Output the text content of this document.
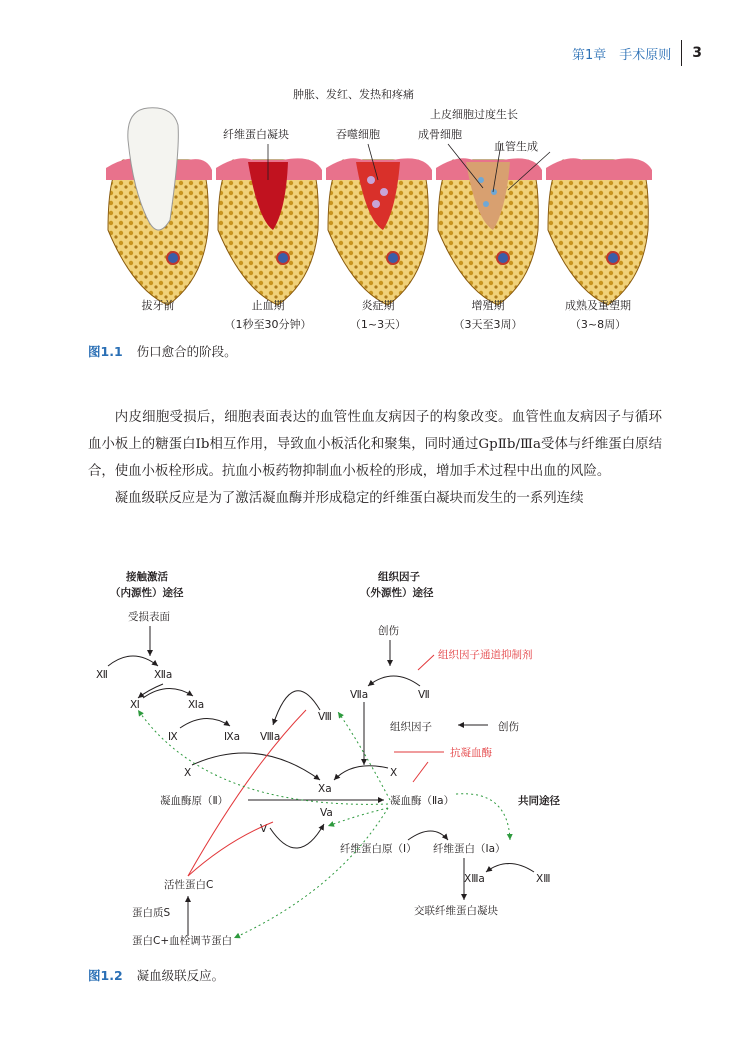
第1章　手术原则 3
肿胀、发红、发热和疼痛
纤维蛋白凝块	吞噬细胞
上皮细胞过度生长
成骨细胞
血管生成
拔牙前	止血期
（1秒至30分钟）
炎症期
（1~3天）
增殖期
（3天至3周）
成熟及重塑期
（3~8周）
图1.1 伤口愈合的阶段。

内皮细胞受损后，细胞表面表达的血管性血友病因子的构象改变。血管性血友病因子与循环血小板上的糖蛋白Ⅰb相互作用，导致血小板活化和聚集，同时通过GpⅡb/Ⅲa受体与纤维蛋白原结合，使血小板栓形成。抗血小板药物抑制血小板栓的形成，增加手术过程中出血的风险。

凝血级联反应是为了激活凝血酶并形成稳定的纤维蛋白凝块而发生的一系列连续

接触激活
（内源性）途径
组织因子
（外源性）途径
受损表面
Ⅻ	Ⅻa
Ⅺ	Ⅺa
Ⅸ	Ⅸa Ⅷa
Ⅷ
创伤
组织因子通道抑制剂
Ⅶa	Ⅶ
组织因子	创伤
抗凝血酶
X	X
Xa
凝血酶原（Ⅱ）	凝血酶（Ⅱa）	共同途径
Va
V
纤维蛋白原（Ⅰ） 纤维蛋白（Ⅰa）
ⅩⅢa	ⅩⅢ
交联纤维蛋白凝块
活性蛋白C
蛋白质S
蛋白C+血栓调节蛋白
图1.2 凝血级联反应。
